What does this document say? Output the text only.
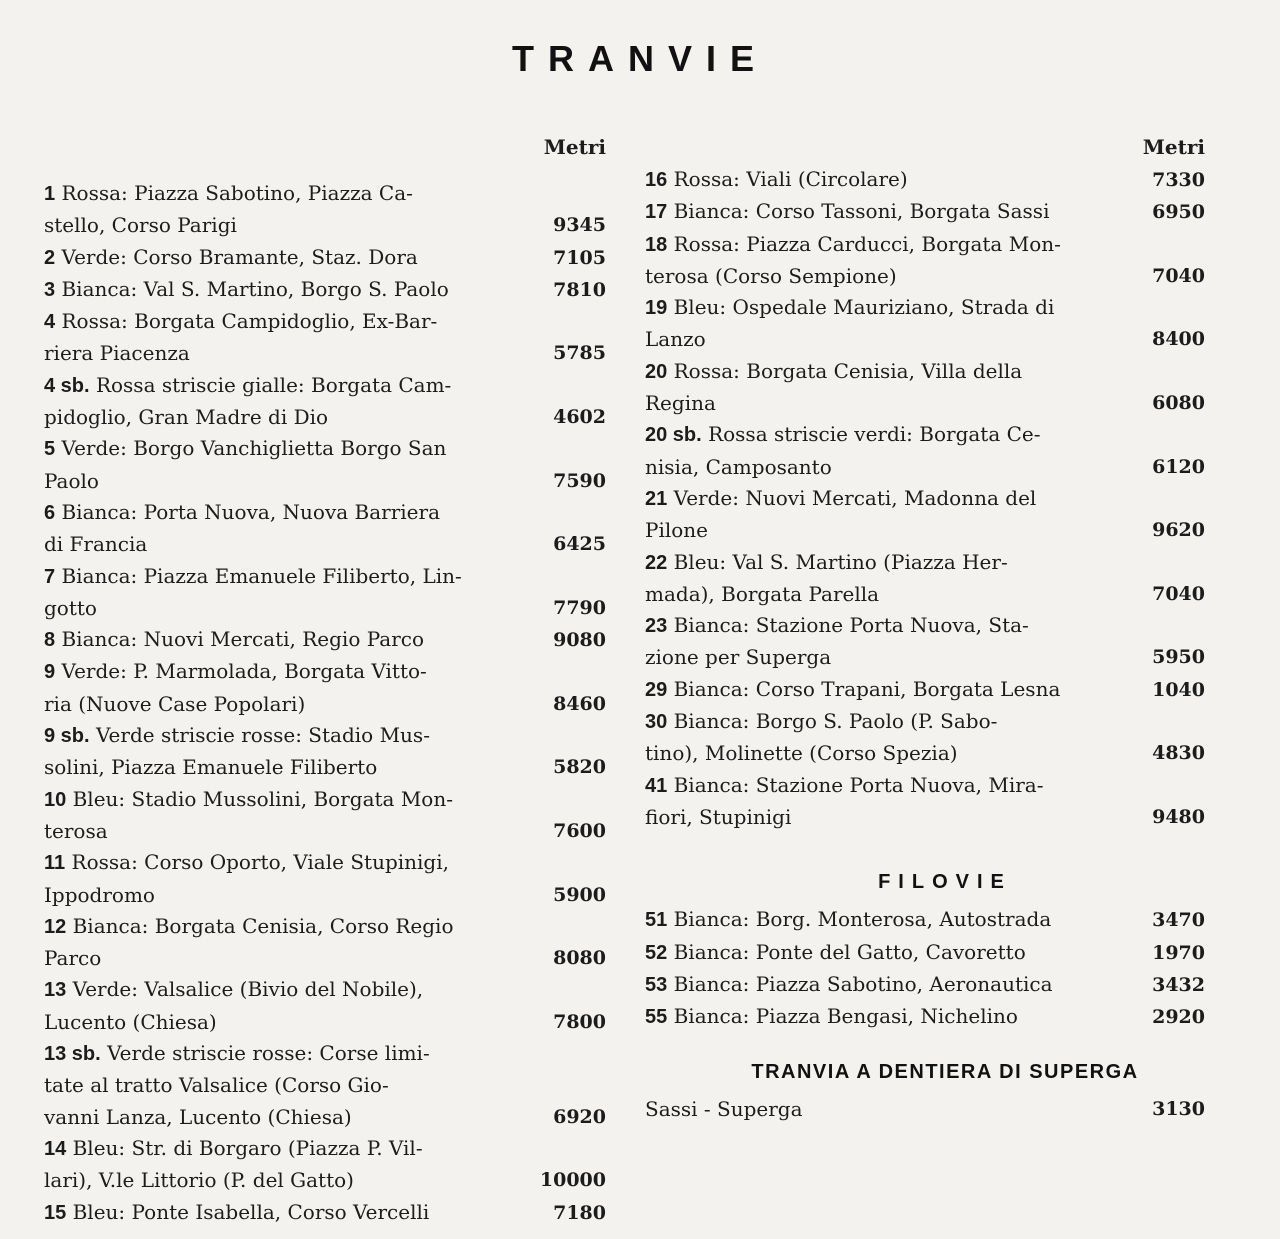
TRANVIE
Metri
1 Rossa: Piazza Sabotino, Piazza Ca-
stello, Corso Parigi	9345
2 Verde: Corso Bramante, Staz. Dora	7105
3 Bianca: Val S. Martino, Borgo S. Paolo	7810
4 Rossa: Borgata Campidoglio, Ex-Bar-
riera Piacenza	5785
4 sb. Rossa striscie gialle: Borgata Cam-
pidoglio, Gran Madre di Dio	4602
5 Verde: Borgo Vanchiglietta Borgo San
Paolo	7590
6 Bianca: Porta Nuova, Nuova Barriera
di Francia	6425
7 Bianca: Piazza Emanuele Filiberto, Lin-
gotto	7790
8 Bianca: Nuovi Mercati, Regio Parco	9080
9 Verde: P. Marmolada, Borgata Vitto-
ria (Nuove Case Popolari)	8460
9 sb. Verde striscie rosse: Stadio Mus-
solini, Piazza Emanuele Filiberto	5820
10 Bleu: Stadio Mussolini, Borgata Mon-
terosa	7600
11 Rossa: Corso Oporto, Viale Stupinigi,
Ippodromo	5900
12 Bianca: Borgata Cenisia, Corso Regio
Parco	8080
13 Verde: Valsalice (Bivio del Nobile),
Lucento (Chiesa)	7800
13 sb. Verde striscie rosse: Corse limi-
tate al tratto Valsalice (Corso Gio-
vanni Lanza, Lucento (Chiesa)	6920
14 Bleu: Str. di Borgaro (Piazza P. Vil-
lari), V.le Littorio (P. del Gatto)	10000
15 Bleu: Ponte Isabella, Corso Vercelli	7180
Metri
16 Rossa: Viali (Circolare)	7330
17 Bianca: Corso Tassoni, Borgata Sassi	6950
18 Rossa: Piazza Carducci, Borgata Mon-
terosa (Corso Sempione)	7040
19 Bleu: Ospedale Mauriziano, Strada di
Lanzo	8400
20 Rossa: Borgata Cenisia, Villa della
Regina	6080
20 sb. Rossa striscie verdi: Borgata Ce-
nisia, Camposanto	6120
21 Verde: Nuovi Mercati, Madonna del
Pilone	9620
22 Bleu: Val S. Martino (Piazza Her-
mada), Borgata Parella	7040
23 Bianca: Stazione Porta Nuova, Sta-
zione per Superga	5950
29 Bianca: Corso Trapani, Borgata Lesna	1040
30 Bianca: Borgo S. Paolo (P. Sabo-
tino), Molinette (Corso Spezia)	4830
41 Bianca: Stazione Porta Nuova, Mira-
fiori, Stupinigi	9480
FILOVIE
51 Bianca: Borg. Monterosa, Autostrada	3470
52 Bianca: Ponte del Gatto, Cavoretto	1970
53 Bianca: Piazza Sabotino, Aeronautica	3432
55 Bianca: Piazza Bengasi, Nichelino	2920
TRANVIA A DENTIERA DI SUPERGA
Sassi - Superga	3130
